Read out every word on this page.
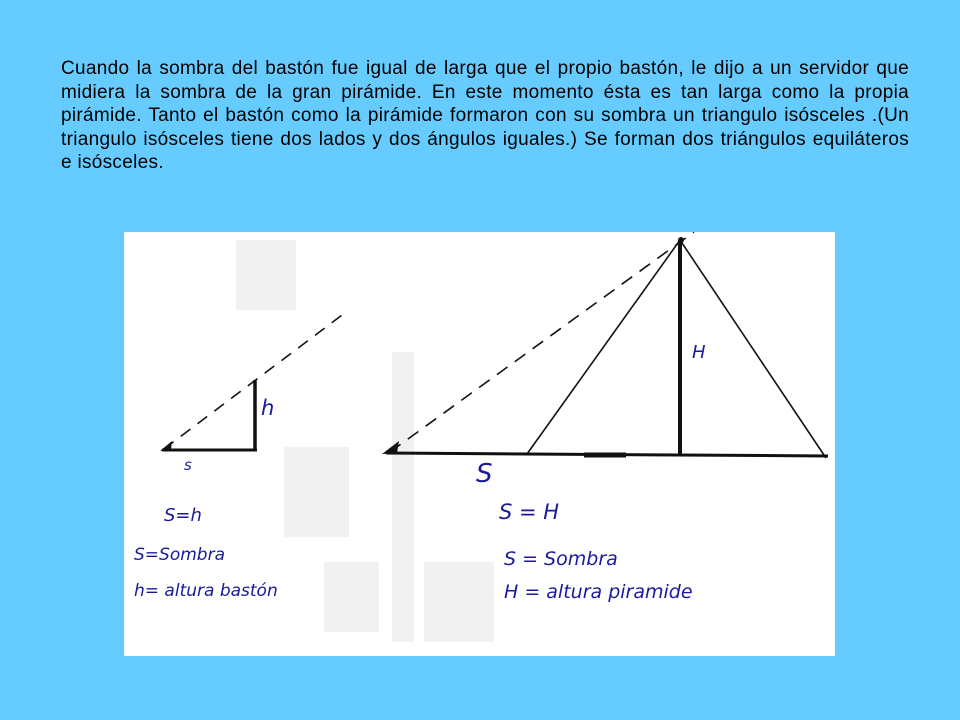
Cuando la sombra del bastón fue igual de larga que el propio bastón, le dijo a un servidor que midiera la sombra de la gran pirámide. En este momento ésta es tan larga como la propia pirámide. Tanto el bastón como la pirámide formaron con su sombra un triangulo isósceles .(Un triangulo isósceles tiene dos lados y dos ángulos iguales.) Se forman dos triángulos equiláteros e isósceles.

h
s
S=h
S=Sombra
h= altura bastón
H
S
S = H
S = Sombra
H = altura piramide
